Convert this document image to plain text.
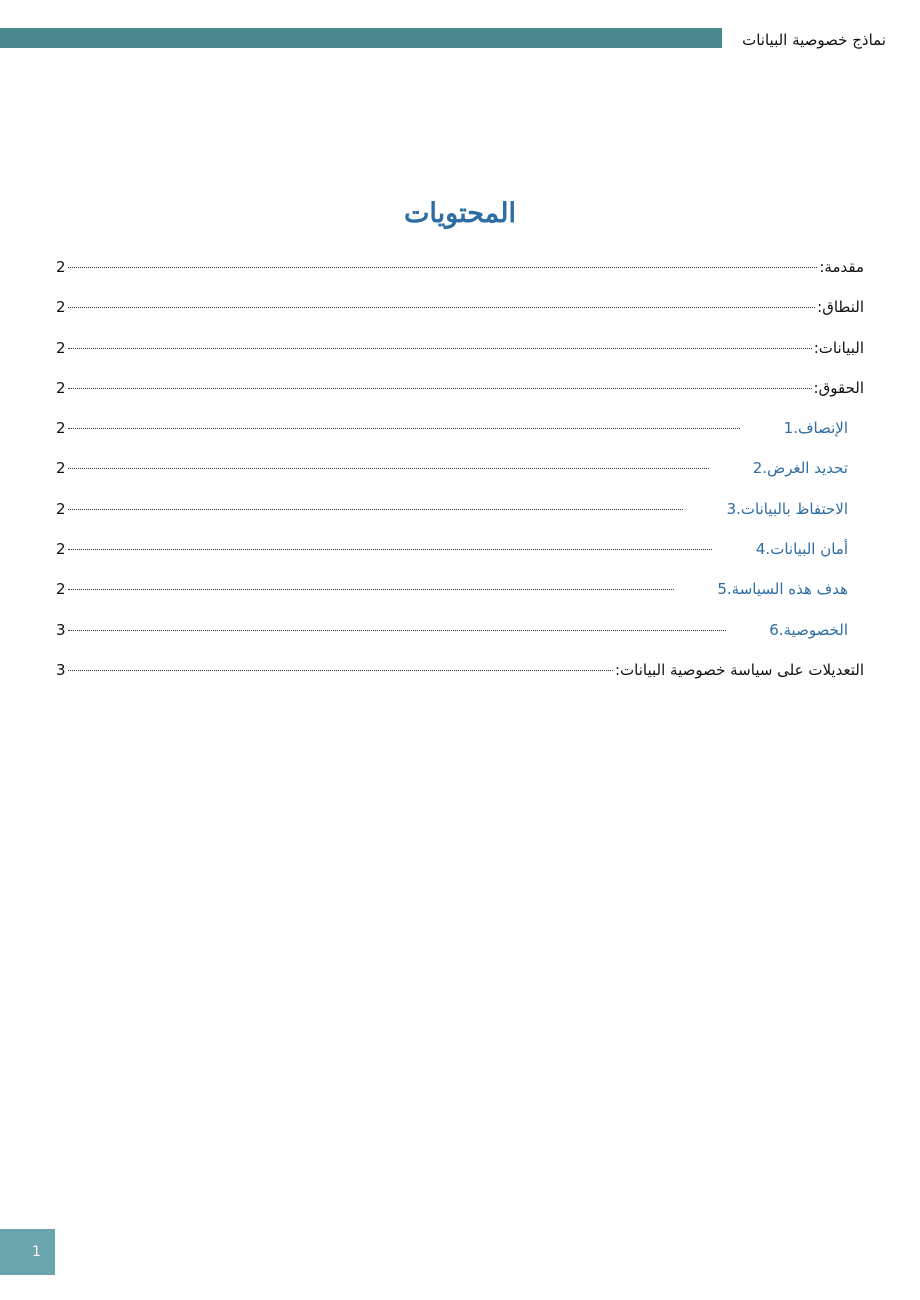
نماذج خصوصية البيانات
المحتويات
مقدمة:
2
النطاق:
2
البيانات:
2
الحقوق:
2
1. الإنصاف
2
2. تحديد الغرض
2
3. الاحتفاظ بالبيانات
2
4. أمان البيانات
2
5. هدف هذه السياسة
2
6. الخصوصية
3
التعديلات على سياسة خصوصية البيانات:
3
1
